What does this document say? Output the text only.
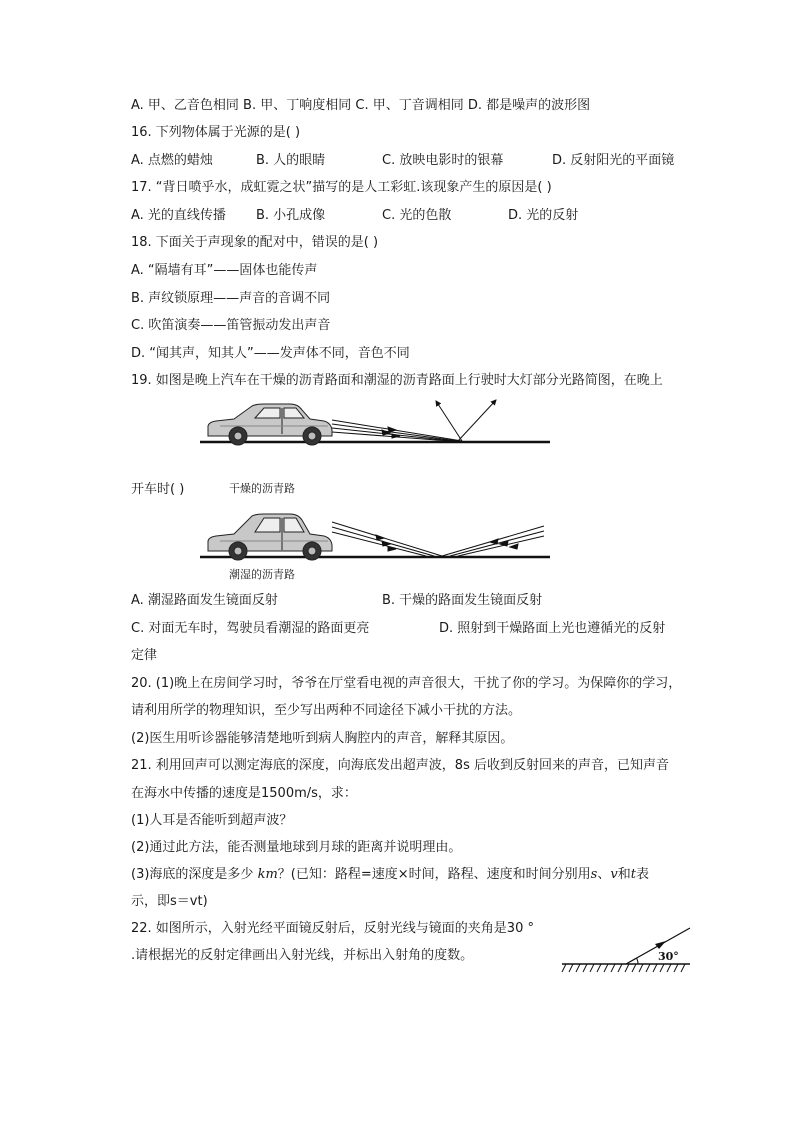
A. 甲、乙音色相同 B. 甲、丁响度相同 C. 甲、丁音调相同 D. 都是噪声的波形图
16. 下列物体属于光源的是( )
A. 点燃的蜡烛	B. 人的眼睛	C. 放映电影时的银幕	D. 反射阳光的平面镜
17. “背日喷乎水，成虹霓之状”描写的是人工彩虹.该现象产生的原因是( )
A. 光的直线传播 B. 小孔成像	C. 光的色散	D. 光的反射
18. 下面关于声现象的配对中，错误的是( )
A. “隔墙有耳”——固体也能传声
B. 声纹锁原理——声音的音调不同
C. 吹笛演奏——笛管振动发出声音
D. “闻其声，知其人”——发声体不同，音色不同
19. 如图是晚上汽车在干燥的沥青路面和潮湿的沥青路面上行驶时大灯部分光路简图，在晚上
开车时( )	干燥的沥青路
潮湿的沥青路
A. 潮湿路面发生镜面反射	B. 干燥的路面发生镜面反射
C. 对面无车时，驾驶员看潮湿的路面更亮	D. 照射到干燥路面上光也遵循光的反射
定律
20. (1)晚上在房间学习时，爷爷在厅堂看电视的声音很大，干扰了你的学习。为保障你的学习，
请利用所学的物理知识，至少写出两种不同途径下减小干扰的方法。
(2)医生用听诊器能够清楚地听到病人胸腔内的声音，解释其原因。
21. 利用回声可以测定海底的深度，向海底发出超声波，8s 后收到反射回来的声音，已知声音
在海水中传播的速度是1500m/s，求：
(1)人耳是否能听到超声波？
(2)通过此方法，能否测量地球到月球的距离并说明理由。
(3)海底的深度是多少 km？(已知：路程=速度×时间，路程、速度和时间分别用s、v和t表
示，即s＝vt)
22. 如图所示，入射光经平面镜反射后，反射光线与镜面的夹角是30 °
.请根据光的反射定律画出入射光线，并标出入射角的度数。	30°
